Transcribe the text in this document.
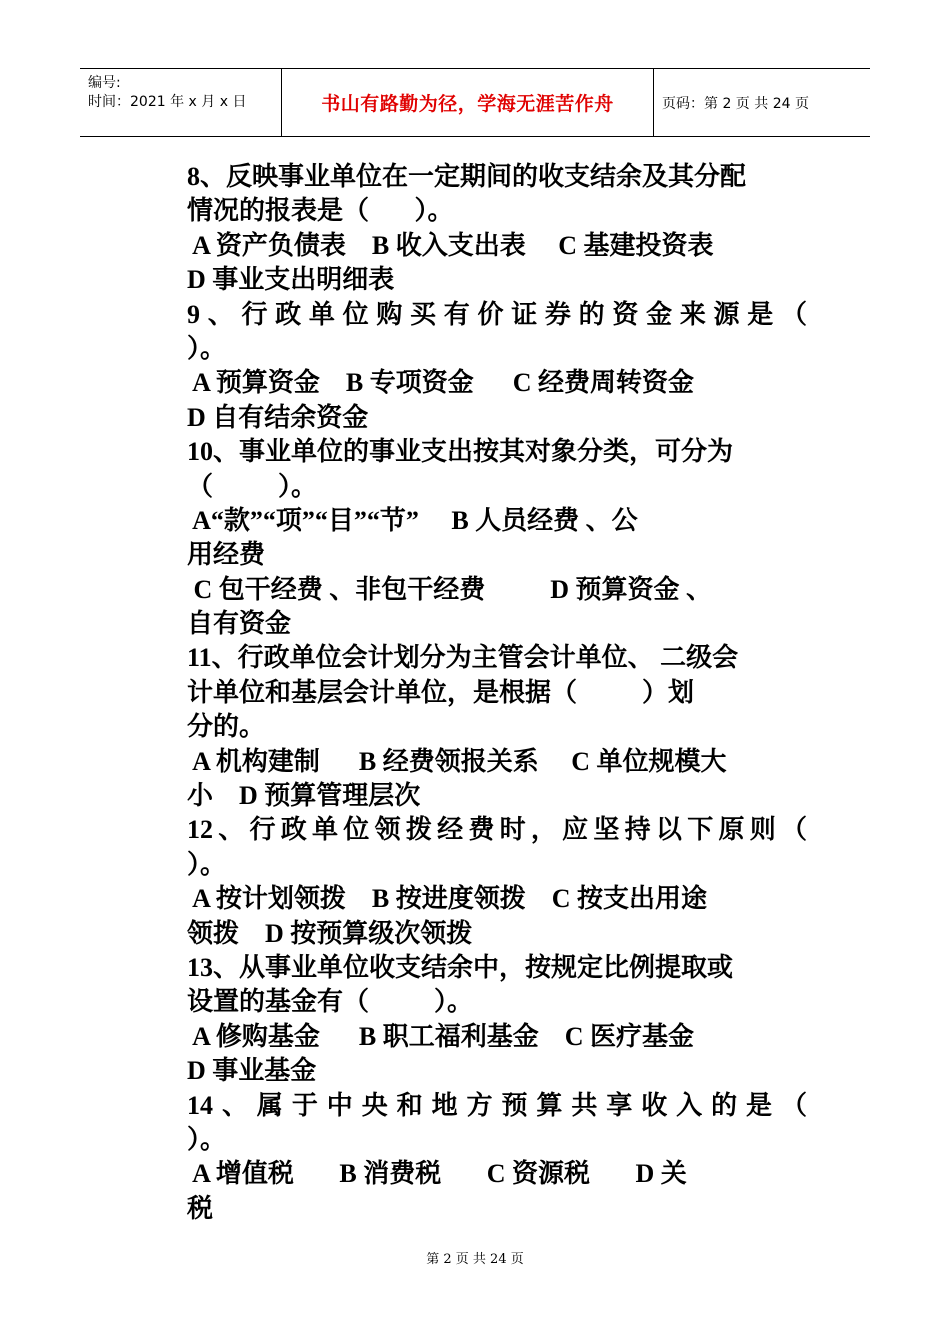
编号:
时间：2021 年 x 月 x 日	书山有路勤为径，学海无涯苦作舟	页码：第 2 页 共 24 页
8、反映事业单位在一定期间的收支结余及其分配
情况的报表是（       ）。
A 资产负债表    B 收入支出表     C 基建投资表
D 事业支出明细表
9、行政单位购买有价证券的资金来源是（
）。
A 预算资金    B 专项资金      C 经费周转资金
D 自有结余资金
10、事业单位的事业支出按其对象分类，可分为
（          ）。
A“款”“项”“目”“节”     B 人员经费 、公
用经费
C 包干经费 、非包干经费          D 预算资金 、
自有资金
11、行政单位会计划分为主管会计单位、 二级会
计单位和基层会计单位，是根据（          ）划
分的。
A 机构建制      B 经费领报关系     C 单位规模大
小    D 预算管理层次
12、行政单位领拨经费时，应坚持以下原则（
）。
A 按计划领拨    B 按进度领拨    C 按支出用途
领拨    D 按预算级次领拨
13、从事业单位收支结余中，按规定比例提取或
设置的基金有（          ）。
A 修购基金      B 职工福利基金    C 医疗基金
D 事业基金
14、属于中央和地方预算共享收入的是（
）。
A 增值税       B 消费税       C 资源税       D 关
税
第 2 页 共 24 页
